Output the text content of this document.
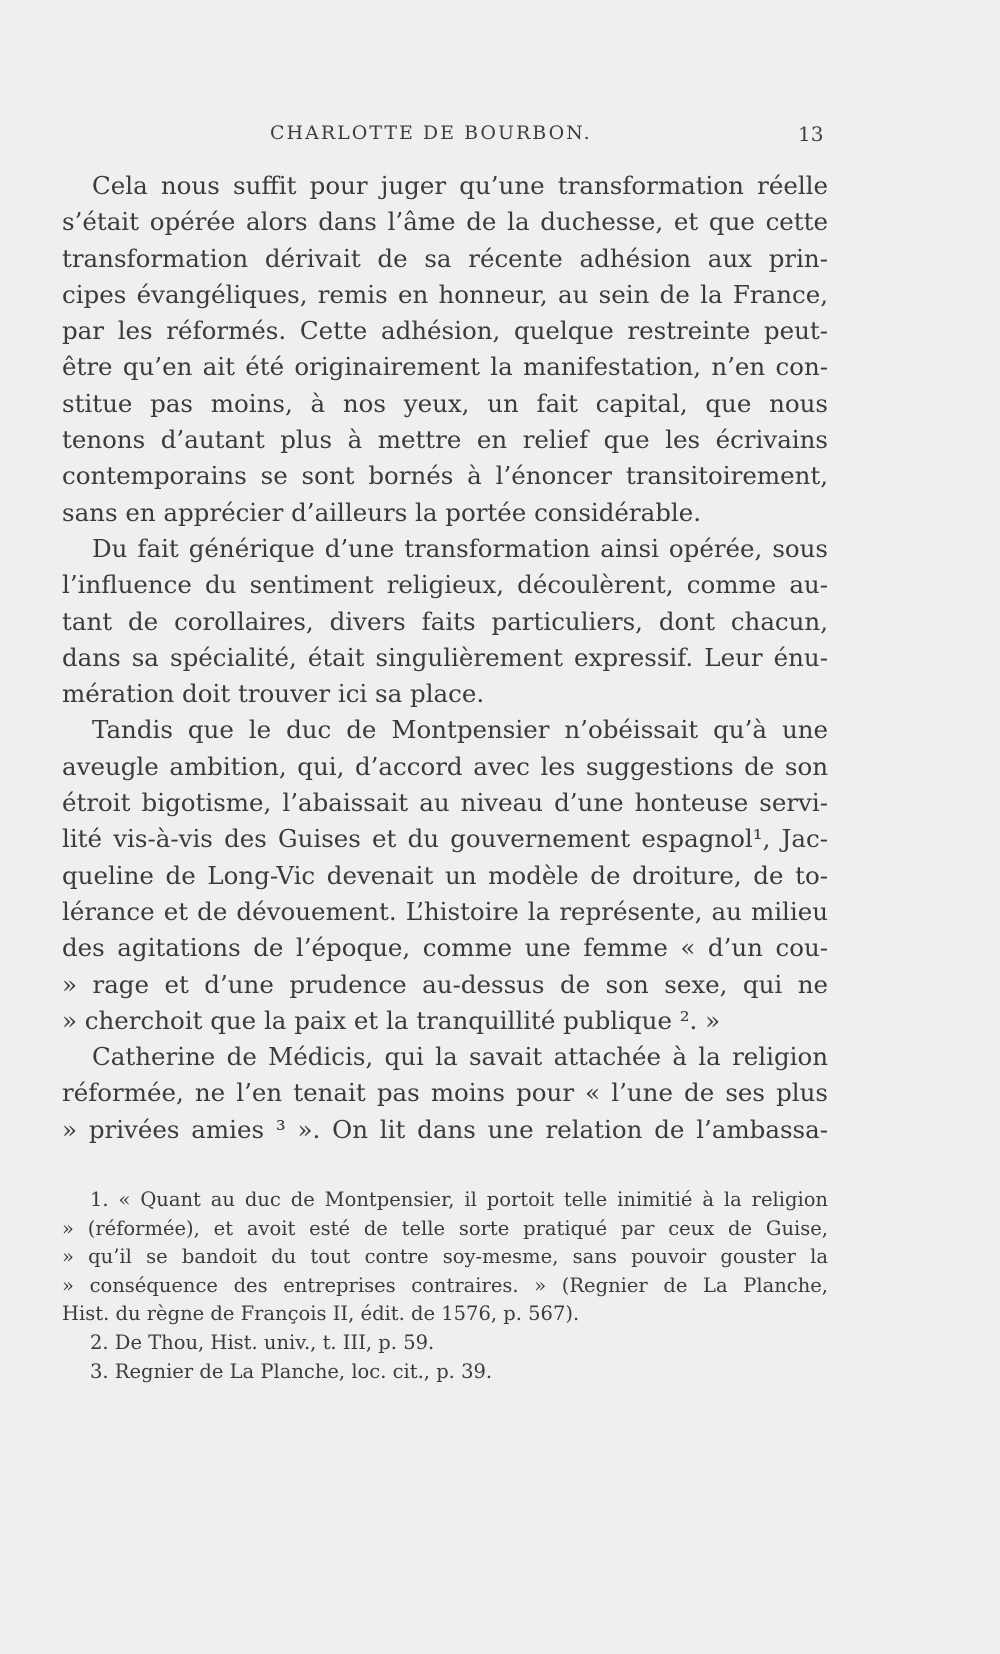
CHARLOTTE DE BOURBON.	13
Cela nous suffit pour juger qu’une transformation réelle
s’était opérée alors dans l’âme de la duchesse, et que cette
transformation dérivait de sa récente adhésion aux prin-
cipes évangéliques, remis en honneur, au sein de la France,
par les réformés. Cette adhésion, quelque restreinte peut-
être qu’en ait été originairement la manifestation, n’en con-
stitue pas moins, à nos yeux, un fait capital, que nous
tenons d’autant plus à mettre en relief que les écrivains
contemporains se sont bornés à l’énoncer transitoirement,
sans en apprécier d’ailleurs la portée considérable.
Du fait générique d’une transformation ainsi opérée, sous
l’influence du sentiment religieux, découlèrent, comme au-
tant de corollaires, divers faits particuliers, dont chacun,
dans sa spécialité, était singulièrement expressif. Leur énu-
mération doit trouver ici sa place.
Tandis que le duc de Montpensier n’obéissait qu’à une
aveugle ambition, qui, d’accord avec les suggestions de son
étroit bigotisme, l’abaissait au niveau d’une honteuse servi-
lité vis-à-vis des Guises et du gouvernement espagnol¹, Jac-
queline de Long-Vic devenait un modèle de droiture, de to-
lérance et de dévouement. L’histoire la représente, au milieu
des agitations de l’époque, comme une femme « d’un cou-
» rage et d’une prudence au-dessus de son sexe, qui ne
» cherchoit que la paix et la tranquillité publique ². »
Catherine de Médicis, qui la savait attachée à la religion
réformée, ne l’en tenait pas moins pour « l’une de ses plus
» privées amies ³ ». On lit dans une relation de l’ambassa-
1. « Quant au duc de Montpensier, il portoit telle inimitié à la religion
» (réformée), et avoit esté de telle sorte pratiqué par ceux de Guise,
» qu’il se bandoit du tout contre soy-mesme, sans pouvoir gouster la
» conséquence des entreprises contraires. » (Regnier de La Planche,
Hist. du règne de François II, édit. de 1576, p. 567).
2. De Thou, Hist. univ., t. III, p. 59.
3. Regnier de La Planche, loc. cit., p. 39.
